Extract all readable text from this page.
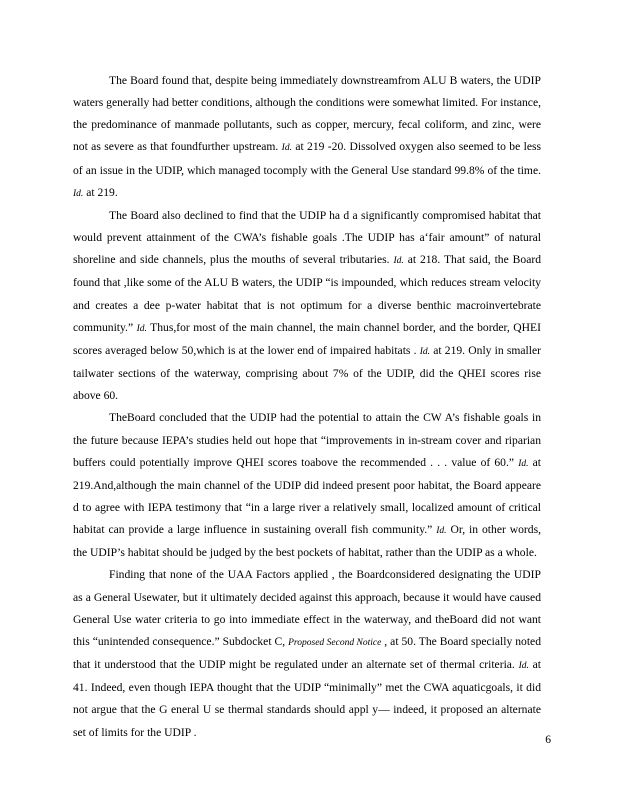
The Board found that, despite being immediately downstreamfrom ALU B waters, the UDIP waters generally had better conditions, although the conditions were somewhat limited. For instance, the predominance of manmade pollutants, such as copper, mercury, fecal coliform, and zinc, were not as severe as that foundfurther upstream. Id. at 219 -20. Dissolved oxygen also seemed to be less of an issue in the UDIP, which managed tocomply with the General Use standard 99.8% of the time. Id. at 219.

The Board also declined to find that the UDIP ha d a significantly compromised habitat that would prevent attainment of the CWA’s fishable goals .The UDIP has a‘fair amount” of natural shoreline and side channels, plus the mouths of several tributaries. Id. at 218. That said, the Board found that ,like some of the ALU B waters, the UDIP “is impounded, which reduces stream velocity and creates a dee p-water habitat that is not optimum for a diverse benthic macroinvertebrate community.” Id. Thus,for most of the main channel, the main channel border, and the border, QHEI scores averaged below 50,which is at the lower end of impaired habitats . Id. at 219. Only in smaller tailwater sections of the waterway, comprising about 7% of the UDIP, did the QHEI scores rise above 60.

TheBoard concluded that the UDIP had the potential to attain the CW A’s fishable goals in the future because IEPA’s studies held out hope that “improvements in in-stream cover and riparian buffers could potentially improve QHEI scores toabove the recommended . . . value of 60.” Id. at 219.And,although the main channel of the UDIP did indeed present poor habitat, the Board appeare d to agree with IEPA testimony that “in a large river a relatively small, localized amount of critical habitat can provide a large influence in sustaining overall fish community.” Id. Or, in other words, the UDIP’s habitat should be judged by the best pockets of habitat, rather than the UDIP as a whole.

Finding that none of the UAA Factors applied , the Boardconsidered designating the UDIP as a General Usewater, but it ultimately decided against this approach, because it would have caused General Use water criteria to go into immediate effect in the waterway, and theBoard did not want this “unintended consequence.” Subdocket C, Proposed Second Notice , at 50. The Board specially noted that it understood that the UDIP might be regulated under an alternate set of thermal criteria. Id. at 41. Indeed, even though IEPA thought that the UDIP “minimally” met the CWA aquaticgoals, it did not argue that the G eneral U se thermal standards should appl y— indeed, it proposed an alternate set of limits for the UDIP .

6
